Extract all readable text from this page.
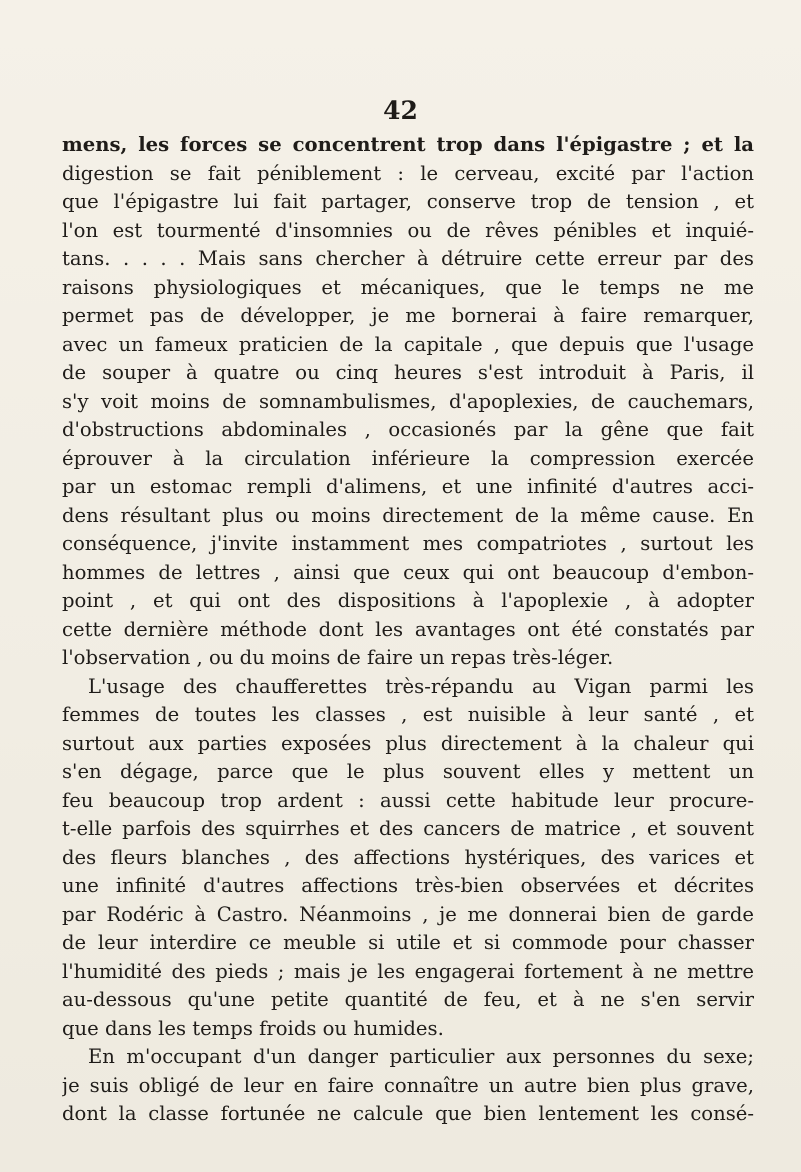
42
mens, les forces se concentrent trop dans l'épigastre ; et la
digestion se fait péniblement : le cerveau, excité par l'action
que l'épigastre lui fait partager, conserve trop de tension , et
l'on est tourmenté d'insomnies ou de rêves pénibles et inquié-
tans. . . . . Mais sans chercher à détruire cette erreur par des
raisons physiologiques et mécaniques, que le temps ne me
permet pas de développer, je me bornerai à faire remarquer,
avec un fameux praticien de la capitale , que depuis que l'usage
de souper à quatre ou cinq heures s'est introduit à Paris, il
s'y voit moins de somnambulismes, d'apoplexies, de cauchemars,
d'obstructions abdominales , occasionés par la gêne que fait
éprouver à la circulation inférieure la compression exercée
par un estomac rempli d'alimens, et une infinité d'autres acci-
dens résultant plus ou moins directement de la même cause. En
conséquence, j'invite instamment mes compatriotes , surtout les
hommes de lettres , ainsi que ceux qui ont beaucoup d'embon-
point , et qui ont des dispositions à l'apoplexie , à adopter
cette dernière méthode dont les avantages ont été constatés par
l'observation , ou du moins de faire un repas très-léger.
L'usage des chaufferettes très-répandu au Vigan parmi les
femmes de toutes les classes , est nuisible à leur santé , et
surtout aux parties exposées plus directement à la chaleur qui
s'en dégage, parce que le plus souvent elles y mettent un
feu beaucoup trop ardent : aussi cette habitude leur procure-
t-elle parfois des squirrhes et des cancers de matrice , et souvent
des fleurs blanches , des affections hystériques, des varices et
une infinité d'autres affections très-bien observées et décrites
par Rodéric à Castro. Néanmoins , je me donnerai bien de garde
de leur interdire ce meuble si utile et si commode pour chasser
l'humidité des pieds ; mais je les engagerai fortement à ne mettre
au-dessous qu'une petite quantité de feu, et à ne s'en servir
que dans les temps froids ou humides.
En m'occupant d'un danger particulier aux personnes du sexe;
je suis obligé de leur en faire connaître un autre bien plus grave,
dont la classe fortunée ne calcule que bien lentement les consé-
